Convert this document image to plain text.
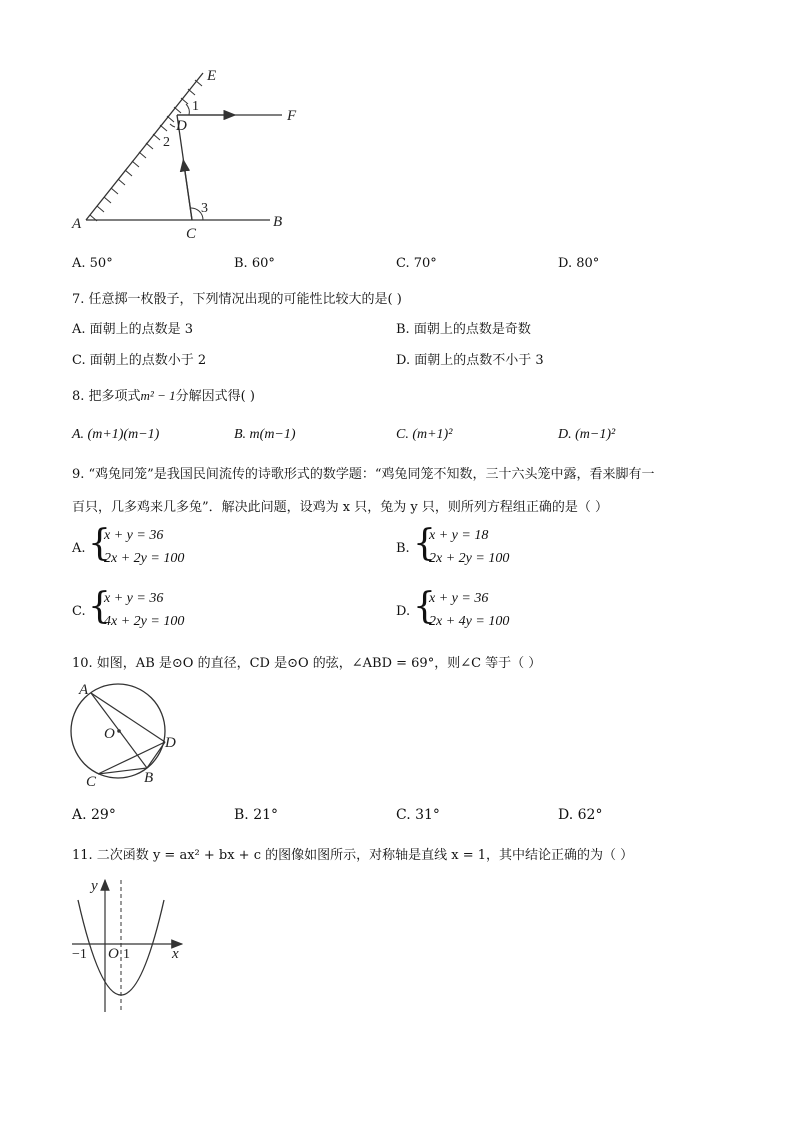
E
F
D
A	B
C
1
2
3
A. 50°	B. 60°	C. 70°	D. 80°
7. 任意掷一枚骰子，下列情况出现的可能性比较大的是( )
A. 面朝上的点数是 3	B. 面朝上的点数是奇数
C. 面朝上的点数小于 2	D. 面朝上的点数不小于 3
8. 把多项式m² − 1分解因式得( )
A. (m+1)(m−1)	B. m(m−1)	C. (m+1)²	D. (m−1)²
9. “鸡兔同笼”是我国民间流传的诗歌形式的数学题：“鸡兔同笼不知数，三十六头笼中露，看来脚有一
百只，几多鸡来几多兔”．解决此问题，设鸡为 x 只，兔为 y 只，则所列方程组正确的是（ ）
A. {
x + y = 36
2x + 2y = 100
B. {
x + y = 18
2x + 2y = 100
C. {
x + y = 36
4x + 2y = 100
D. {
x + y = 36
2x + 4y = 100
10. 如图，AB 是⊙O 的直径，CD 是⊙O 的弦，∠ABD = 69°，则∠C 等于（ ）
A
O
D
C	B
A. 29°	B. 21°	C. 31°	D. 62°
11. 二次函数 y = ax² + bx + c 的图像如图所示，对称轴是直线 x = 1，其中结论正确的为（ ）
y
x
O
−1	1
